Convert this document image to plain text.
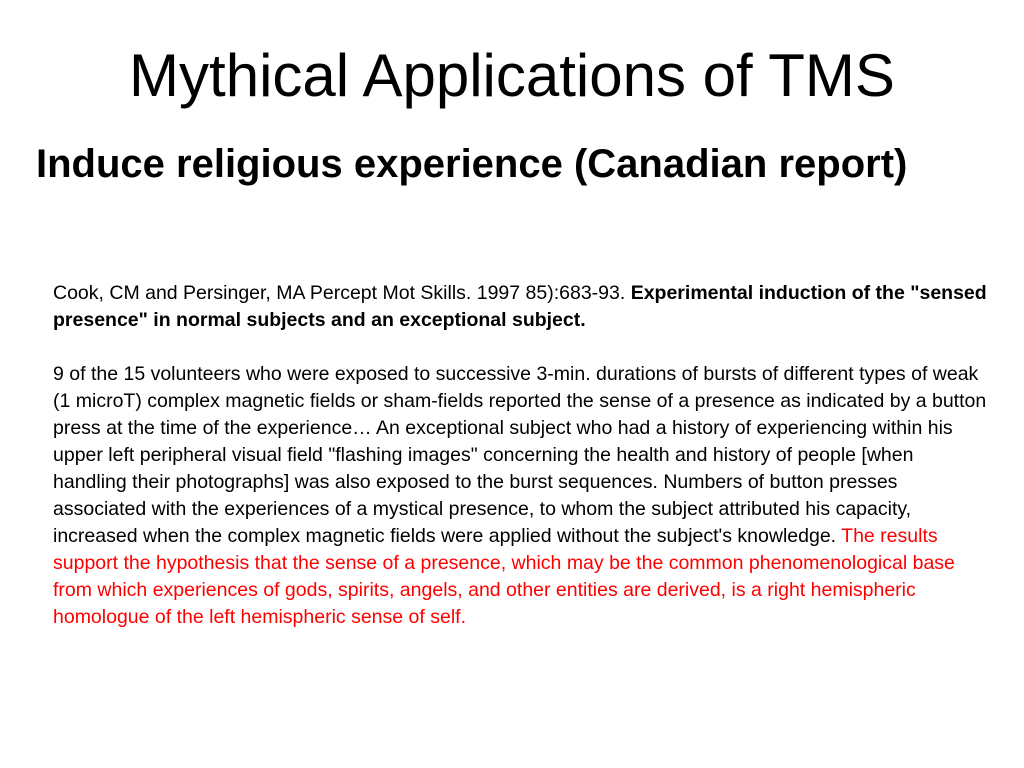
Mythical Applications of TMS

Induce religious experience (Canadian report)

Cook, CM and Persinger, MA Percept Mot Skills. 1997 85):683-93. Experimental induction of the "sensed presence" in normal subjects and an exceptional subject.

9 of the 15 volunteers who were exposed to successive 3-min. durations of bursts of different types of weak (1 microT) complex magnetic fields or sham-fields reported the sense of a presence as indicated by a button press at the time of the experience… An exceptional subject who had a history of experiencing within his upper left peripheral visual field "flashing images" concerning the health and history of people [when handling their photographs] was also exposed to the burst sequences. Numbers of button presses associated with the experiences of a mystical presence, to whom the subject attributed his capacity, increased when the complex magnetic fields were applied without the subject's knowledge. The results support the hypothesis that the sense of a presence, which may be the common phenomenological base from which experiences of gods, spirits, angels, and other entities are derived, is a right hemispheric homologue of the left hemispheric sense of self.
